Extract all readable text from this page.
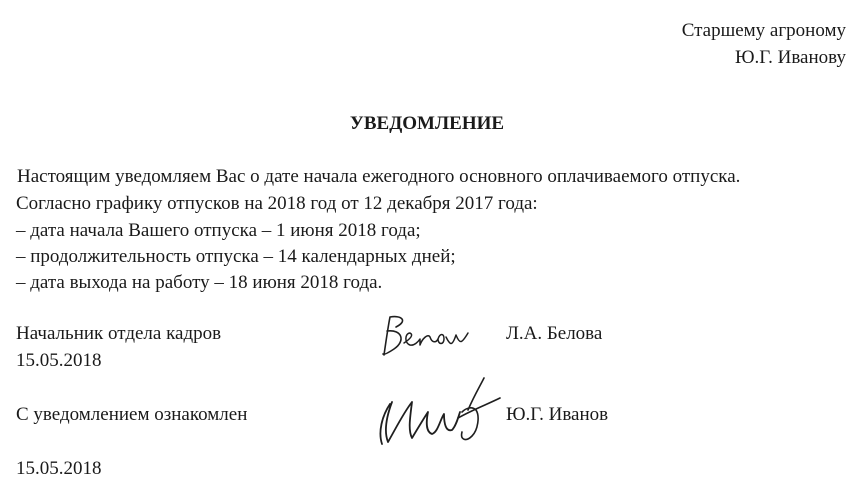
Старшему агроному
Ю.Г. Иванову
УВЕДОМЛЕНИЕ
Настоящим уведомляем Вас о дате начала ежегодного основного оплачиваемого отпуска.
Согласно графику отпусков на 2018 год от 12 декабря 2017 года:
– дата начала Вашего отпуска – 1 июня 2018 года;
– продолжительность отпуска – 14 календарных дней;
– дата выхода на работу – 18 июня 2018 года.
Начальник отдела кадров	Л.А. Белова
15.05.2018
С уведомлением ознакомлен	Ю.Г. Иванов
15.05.2018
